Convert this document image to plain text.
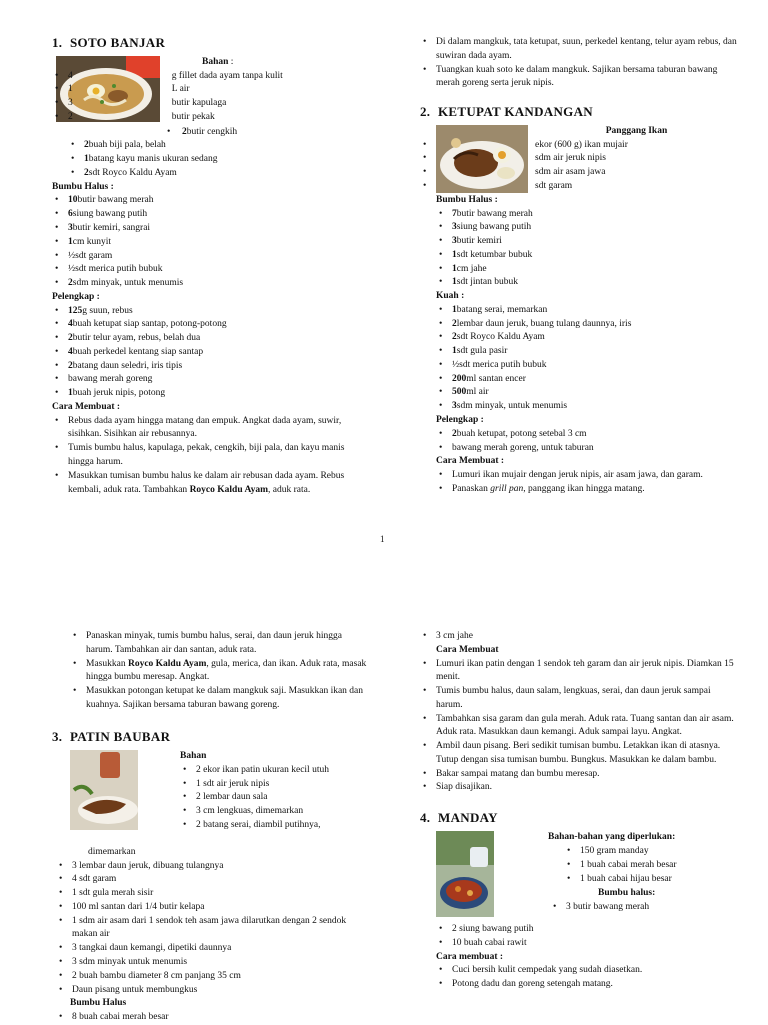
1. SOTO BANJAR
Bahan :
• 4	g fillet dada ayam tanpa kulit
• 1	L air
• 3	butir kapulaga
• 2	butir pekak
• 2butir cengkih
• 2buah biji pala, belah
• 1batang kayu manis ukuran sedang
• 2sdt Royco Kaldu Ayam
Bumbu Halus :
• 10butir bawang merah
• 6siung bawang putih
• 3butir kemiri, sangrai
• 1cm kunyit
• ½sdt garam
• ½sdt merica putih bubuk
• 2sdm minyak, untuk menumis
Pelengkap :
• 125g suun, rebus
• 4buah ketupat siap santap, potong-potong
• 2butir telur ayam, rebus, belah dua
• 4buah perkedel kentang siap santap
• 2batang daun seledri, iris tipis
• bawang merah goreng
• 1buah jeruk nipis, potong
Cara Membuat :
• Rebus dada ayam hingga matang dan empuk. Angkat dada ayam, suwir, sisihkan. Sisihkan air rebusannya.
• Tumis bumbu halus, kapulaga, pekak, cengkih, biji pala, dan kayu manis hingga harum.
• Masukkan tumisan bumbu halus ke dalam air rebusan dada ayam. Rebus kembali, aduk rata. Tambahkan Royco Kaldu Ayam, aduk rata.
• Di dalam mangkuk, tata ketupat, suun, perkedel kentang, telur ayam rebus, dan suwiran dada ayam.
• Tuangkan kuah soto ke dalam mangkuk. Sajikan bersama taburan bawang merah goreng serta jeruk nipis.
2. KETUPAT KANDANGAN
Panggang Ikan
• ekor (600 g) ikan mujair
• sdm air jeruk nipis
• sdm air asam jawa
• sdt garam
Bumbu Halus :
• 7butir bawang merah
• 3siung bawang putih
• 3butir kemiri
• 1sdt ketumbar bubuk
• 1cm jahe
• 1sdt jintan bubuk
Kuah :
• 1batang serai, memarkan
• 2lembar daun jeruk, buang tulang daunnya, iris
• 2sdt Royco Kaldu Ayam
• 1sdt gula pasir
• ½sdt merica putih bubuk
• 200ml santan encer
• 500ml air
• 3sdm minyak, untuk menumis
Pelengkap :
• 2buah ketupat, potong setebal 3 cm
• bawang merah goreng, untuk taburan
Cara Membuat :
• Lumuri ikan mujair dengan jeruk nipis, air asam jawa, dan garam.
• Panaskan grill pan, panggang ikan hingga matang.
1
• Panaskan minyak, tumis bumbu halus, serai, dan daun jeruk hingga harum. Tambahkan air dan santan, aduk rata.
• Masukkan Royco Kaldu Ayam, gula, merica, dan ikan. Aduk rata, masak hingga bumbu meresap. Angkat.
• Masukkan potongan ketupat ke dalam mangkuk saji. Masukkan ikan dan kuahnya. Sajikan bersama taburan bawang goreng.
3. PATIN BAUBAR
Bahan
• 2 ekor ikan patin ukuran kecil utuh
• 1 sdt air jeruk nipis
• 2 lembar daun sala
• 3 cm lengkuas, dimemarkan
• 2 batang serai, diambil putihnya,
dimemarkan
• 3 lembar daun jeruk, dibuang tulangnya
• 4 sdt garam
• 1 sdt gula merah sisir
• 100 ml santan dari 1/4 butir kelapa
• 1 sdm air asam dari 1 sendok teh asam jawa dilarutkan dengan 2 sendok makan air
• 3 tangkai daun kemangi, dipetiki daunnya
• 3 sdm minyak untuk menumis
• 2 buah bambu diameter 8 cm panjang 35 cm
• Daun pisang untuk membungkus
Bumbu Halus
• 8 buah cabai merah besar
• 3 cm jahe
Cara Membuat
• Lumuri ikan patin dengan 1 sendok teh garam dan air jeruk nipis. Diamkan 15 menit.
• Tumis bumbu halus, daun salam, lengkuas, serai, dan daun jeruk sampai harum.
• Tambahkan sisa garam dan gula merah. Aduk rata. Tuang santan dan air asam. Aduk rata. Masukkan daun kemangi. Aduk sampai layu. Angkat.
• Ambil daun pisang. Beri sedikit tumisan bumbu. Letakkan ikan di atasnya. Tutup dengan sisa tumisan bumbu. Bungkus. Masukkan ke dalam bambu.
• Bakar sampai matang dan bumbu meresap.
• Siap disajikan.
4. MANDAY
Bahan-bahan yang diperlukan:
• 150 gram manday
• 1 buah cabai merah besar
• 1 buah cabai hijau besar
Bumbu halus:
• 3 butir bawang merah
• 2 siung bawang putih
• 10 buah cabai rawit
Cara membuat :
• Cuci bersih kulit cempedak yang sudah diasetkan.
• Potong dadu dan goreng setengah matang.
